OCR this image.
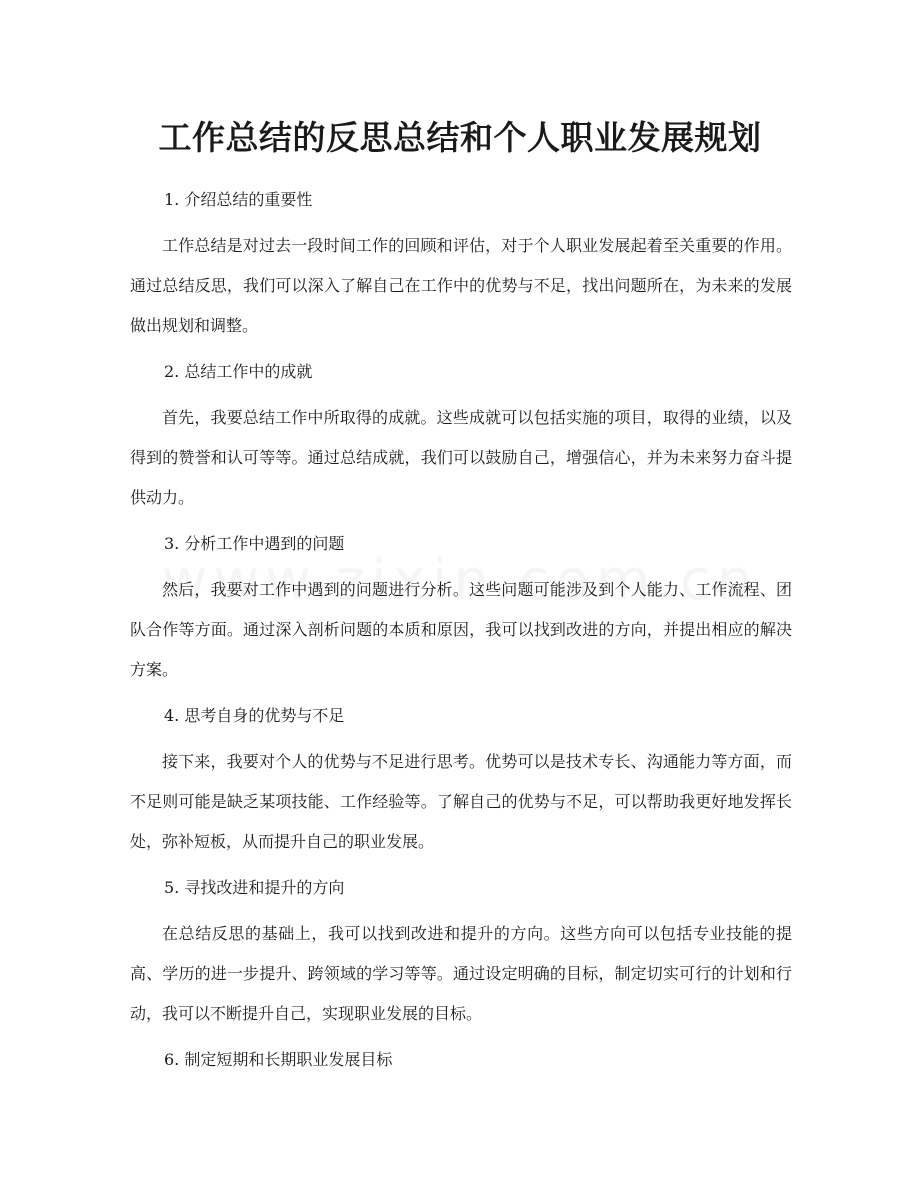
工作总结的反思总结和个人职业发展规划
1. 介绍总结的重要性
工作总结是对过去一段时间工作的回顾和评估，对于个人职业发展起着至关重要的作用。通过总结反思，我们可以深入了解自己在工作中的优势与不足，找出问题所在，为未来的发展做出规划和调整。
2. 总结工作中的成就
首先，我要总结工作中所取得的成就。这些成就可以包括实施的项目，取得的业绩，以及得到的赞誉和认可等等。通过总结成就，我们可以鼓励自己，增强信心，并为未来努力奋斗提供动力。
3. 分析工作中遇到的问题
然后，我要对工作中遇到的问题进行分析。这些问题可能涉及到个人能力、工作流程、团队合作等方面。通过深入剖析问题的本质和原因，我可以找到改进的方向，并提出相应的解决方案。
4. 思考自身的优势与不足
接下来，我要对个人的优势与不足进行思考。优势可以是技术专长、沟通能力等方面，而不足则可能是缺乏某项技能、工作经验等。了解自己的优势与不足，可以帮助我更好地发挥长处，弥补短板，从而提升自己的职业发展。
5. 寻找改进和提升的方向
在总结反思的基础上，我可以找到改进和提升的方向。这些方向可以包括专业技能的提高、学历的进一步提升、跨领域的学习等等。通过设定明确的目标，制定切实可行的计划和行动，我可以不断提升自己，实现职业发展的目标。
6. 制定短期和长期职业发展目标
